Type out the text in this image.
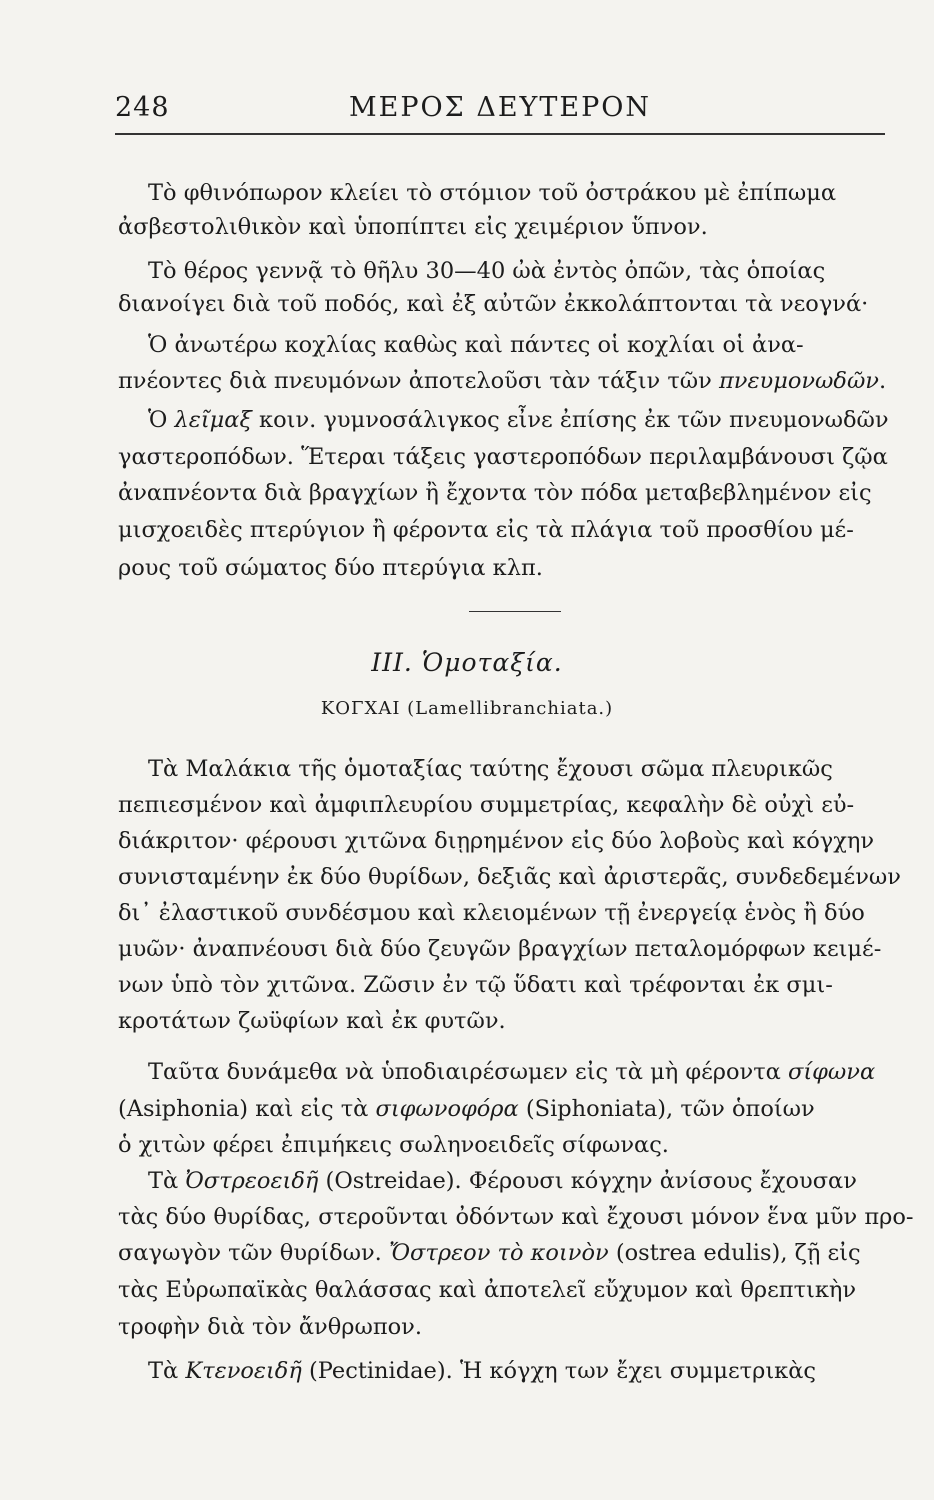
248	ΜΕΡΟΣ ΔΕΥΤΕΡΟΝ
Τὸ φθινόπωρον κλείει τὸ στόμιον τοῦ ὀστράκου μὲ ἐπίπωμα
ἀσβεστολιθικὸν καὶ ὑποπίπτει εἰς χειμέριον ὕπνον.
Τὸ θέρος γεννᾷ τὸ θῆλυ 30—40 ὠὰ ἐντὸς ὀπῶν, τὰς ὁποίας
διανοίγει διὰ τοῦ ποδός, καὶ ἐξ αὐτῶν ἐκκολάπτονται τὰ νεογνά·
Ὁ ἀνωτέρω κοχλίας καθὼς καὶ πάντες οἱ κοχλίαι οἱ ἀνα-
πνέοντες διὰ πνευμόνων ἀποτελοῦσι τὰν τάξιν τῶν πνευμονωδῶν.
Ὁ λεῖμαξ κοιν. γυμνοσάλιγκος εἶνε ἐπίσης ἐκ τῶν πνευμονωδῶν
γαστεροπόδων. Ἕτεραι τάξεις γαστεροπόδων περιλαμβάνουσι ζῷα
ἀναπνέοντα διὰ βραγχίων ἢ ἔχοντα τὸν πόδα μεταβεβλημένον εἰς
μισχοειδὲς πτερύγιον ἢ φέροντα εἰς τὰ πλάγια τοῦ προσθίου μέ-
ρους τοῦ σώματος δύο πτερύγια κλπ.
ΙΙΙ. Ὁμοταξία.
ΚΟΓΧΑΙ (Lamellibranchiata.)
Τὰ Μαλάκια τῆς ὁμοταξίας ταύτης ἔχουσι σῶμα πλευρικῶς
πεπιεσμένον καὶ ἀμφιπλευρίου συμμετρίας, κεφαλὴν δὲ οὐχὶ εὐ-
διάκριτον· φέρουσι χιτῶνα διῃρημένον εἰς δύο λοβοὺς καὶ κόγχην
συνισταμένην ἐκ δύο θυρίδων, δεξιᾶς καὶ ἀριστερᾶς, συνδεδεμένων
δι᾽ ἐλαστικοῦ συνδέσμου καὶ κλειομένων τῇ ἐνεργείᾳ ἑνὸς ἢ δύο
μυῶν· ἀναπνέουσι διὰ δύο ζευγῶν βραγχίων πεταλομόρφων κειμέ-
νων ὑπὸ τὸν χιτῶνα. Ζῶσιν ἐν τῷ ὕδατι καὶ τρέφονται ἐκ σμι-
κροτάτων ζωϋφίων καὶ ἐκ φυτῶν.
Ταῦτα δυνάμεθα νὰ ὑποδιαιρέσωμεν εἰς τὰ μὴ φέροντα σίφωνα
(Asiphonia) καὶ εἰς τὰ σιφωνοφόρα (Siphoniata), τῶν ὁποίων
ὁ χιτὼν φέρει ἐπιμήκεις σωληνοειδεῖς σίφωνας.
Τὰ Ὀστρεοειδῆ (Ostreidae). Φέρουσι κόγχην ἀνίσους ἔχουσαν
τὰς δύο θυρίδας, στεροῦνται ὀδόντων καὶ ἔχουσι μόνον ἕνα μῦν προ-
σαγωγὸν τῶν θυρίδων. Ὄστρεον τὸ κοινὸν (ostrea edulis), ζῇ εἰς
τὰς Εὐρωπαϊκὰς θαλάσσας καὶ ἀποτελεῖ εὔχυμον καὶ θρεπτικὴν
τροφὴν διὰ τὸν ἄνθρωπον.
Τὰ Κτενοειδῆ (Pectinidae). Ἡ κόγχη των ἔχει συμμετρικὰς
